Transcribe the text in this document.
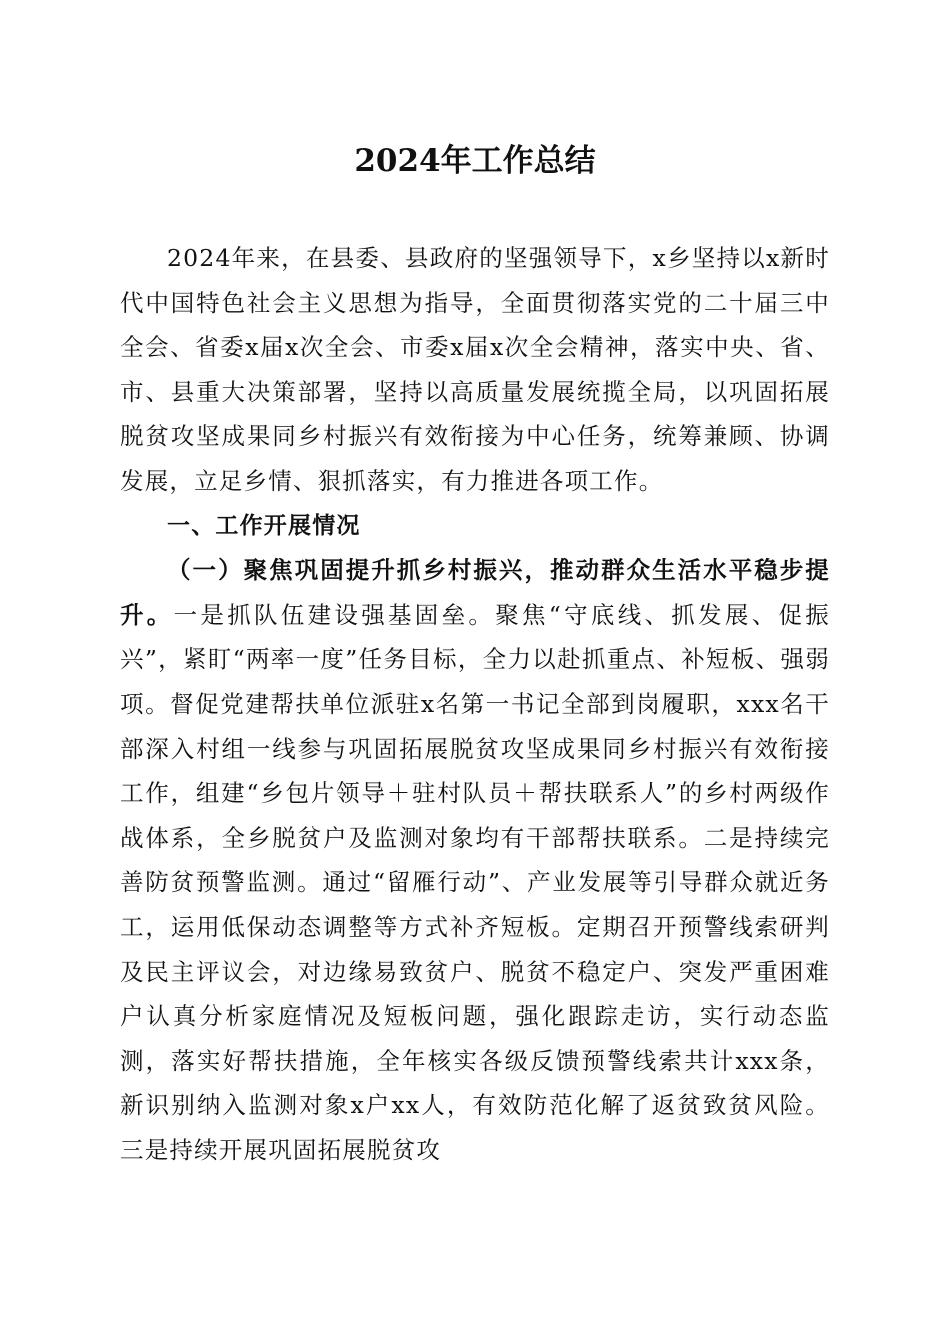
2024年工作总结

2024年来，在县委、县政府的坚强领导下，x乡坚持以x新时代中国特色社会主义思想为指导，全面贯彻落实党的二十届三中全会、省委x届x次全会、市委x届x次全会精神，落实中央、省、市、县重大决策部署，坚持以高质量发展统揽全局，以巩固拓展脱贫攻坚成果同乡村振兴有效衔接为中心任务，统筹兼顾、协调发展，立足乡情、狠抓落实，有力推进各项工作。

一、工作开展情况

（一）聚焦巩固提升抓乡村振兴，推动群众生活水平稳步提升。一是抓队伍建设强基固垒。聚焦“守底线、抓发展、促振兴”，紧盯“两率一度”任务目标，全力以赴抓重点、补短板、强弱项。督促党建帮扶单位派驻x名第一书记全部到岗履职，xxx名干部深入村组一线参与巩固拓展脱贫攻坚成果同乡村振兴有效衔接工作，组建“乡包片领导＋驻村队员＋帮扶联系人”的乡村两级作战体系，全乡脱贫户及监测对象均有干部帮扶联系。二是持续完善防贫预警监测。通过“留雁行动”、产业发展等引导群众就近务工，运用低保动态调整等方式补齐短板。定期召开预警线索研判及民主评议会，对边缘易致贫户、脱贫不稳定户、突发严重困难户认真分析家庭情况及短板问题，强化跟踪走访，实行动态监测，落实好帮扶措施，全年核实各级反馈预警线索共计xxx条，新识别纳入监测对象x户xx人，有效防范化解了返贫致贫风险。三是持续开展巩固拓展脱贫攻
